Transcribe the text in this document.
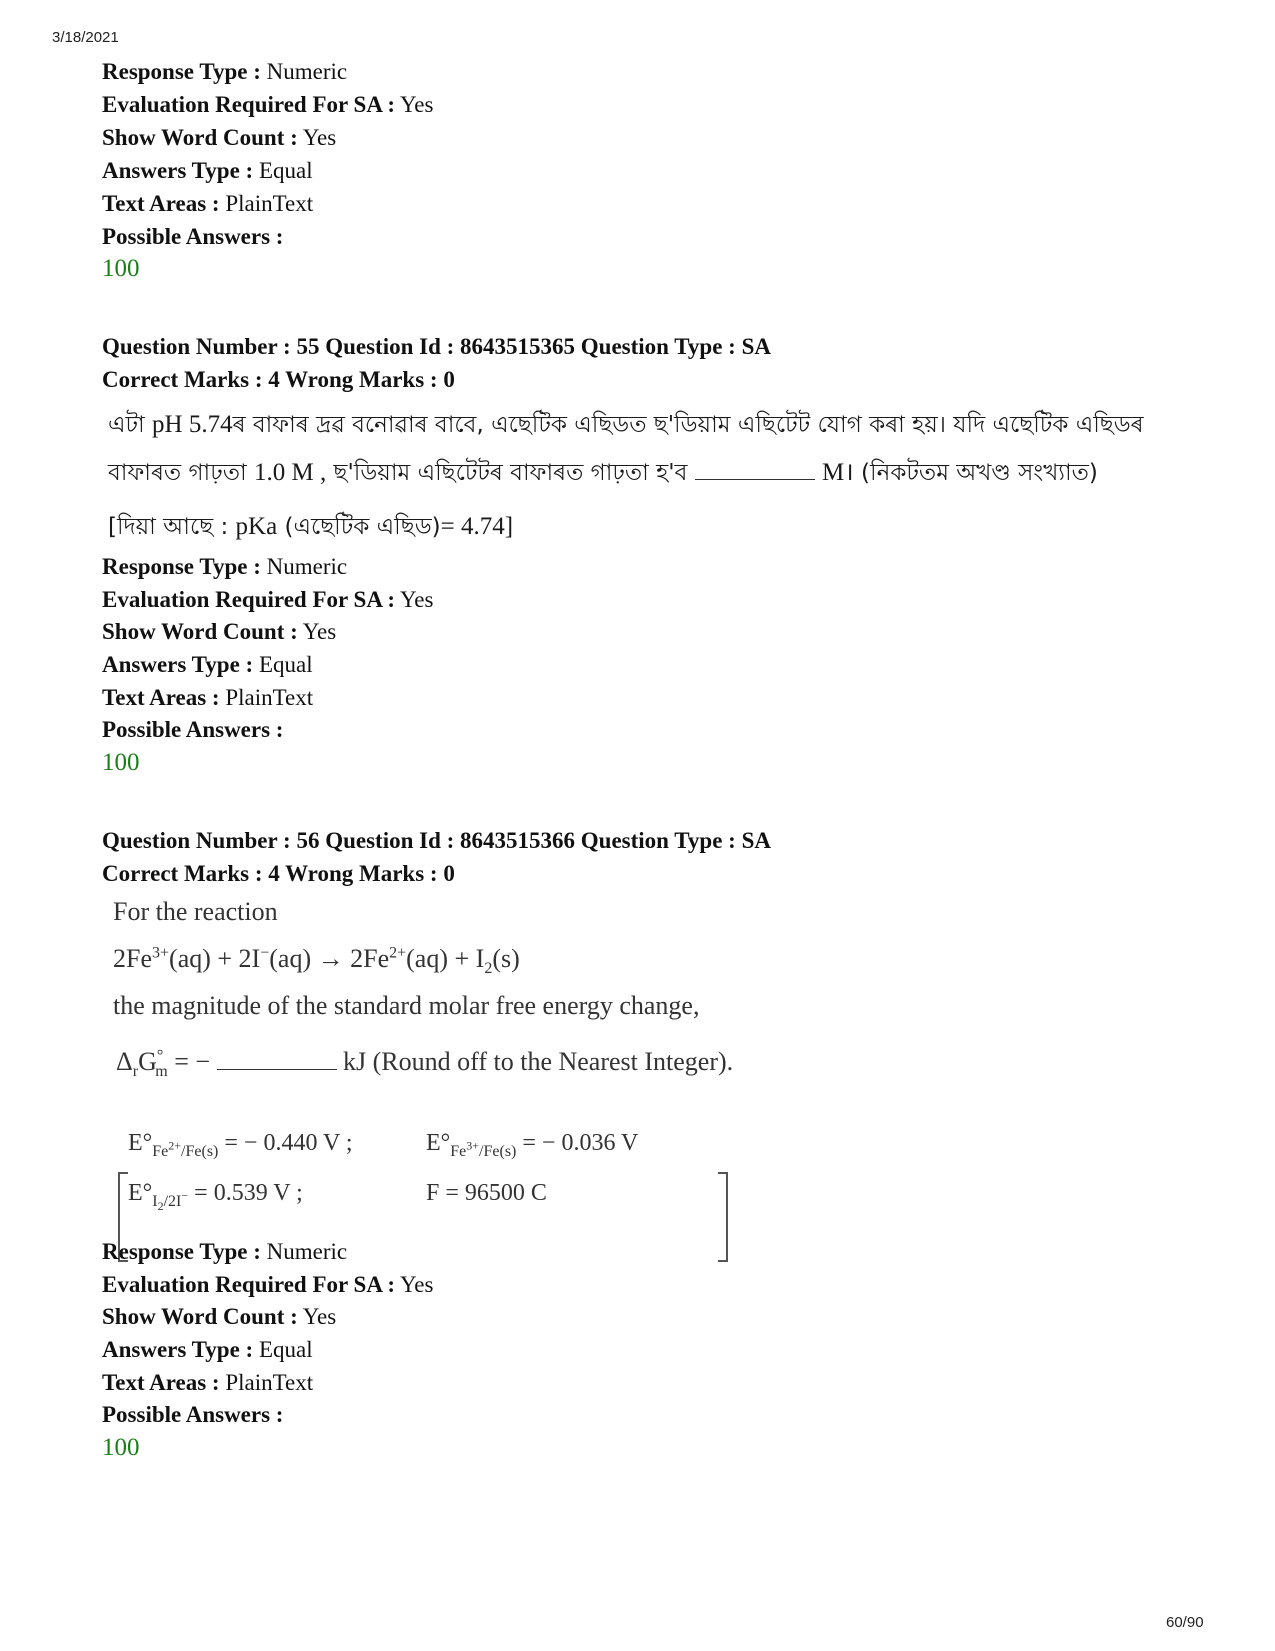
3/18/2021
Response Type : Numeric
Evaluation Required For SA : Yes
Show Word Count : Yes
Answers Type : Equal
Text Areas : PlainText
Possible Answers :
100
Question Number : 55 Question Id : 8643515365 Question Type : SA
Correct Marks : 4 Wrong Marks : 0
এটা pH 5.74ৰ বাফাৰ দ্ৰৱ বনোৱাৰ বাবে, এছেটিক এছিডত ছ'ডিয়াম এছিটেট যোগ কৰা হয়। যদি এছেটিক এছিডৰ
বাফাৰত গাঢ়তা 1.0 M , ছ'ডিয়াম এছিটেটৰ বাফাৰত গাঢ়তা হ'ব	M। (নিকটতম অখণ্ড সংখ্যাত)
[দিয়া আছে : pKa (এছেটিক এছিড)= 4.74]
Response Type : Numeric
Evaluation Required For SA : Yes
Show Word Count : Yes
Answers Type : Equal
Text Areas : PlainText
Possible Answers :
100
Question Number : 56 Question Id : 8643515366 Question Type : SA
Correct Marks : 4 Wrong Marks : 0
For the reaction
$2Fe^{3+}(aq) + 2I^-(aq) \to 2Fe^{2+}(aq) + I_2(s)$
the magnitude of the standard molar free energy change,
$\Delta_rG^\circ_m$ = −	kJ (Round off to the Nearest Integer).
$E^\circ_{Fe^{2+}/Fe(s)}$ = − 0.440 V ;	$E^\circ_{Fe^{3+}/Fe(s)}$ = − 0.036 V
$E^\circ_{I_2/2I^-} = 0.539$ V ;	F = 96500 C
Response Type : Numeric
Evaluation Required For SA : Yes
Show Word Count : Yes
Answers Type : Equal
Text Areas : PlainText
Possible Answers :
100
60/90
